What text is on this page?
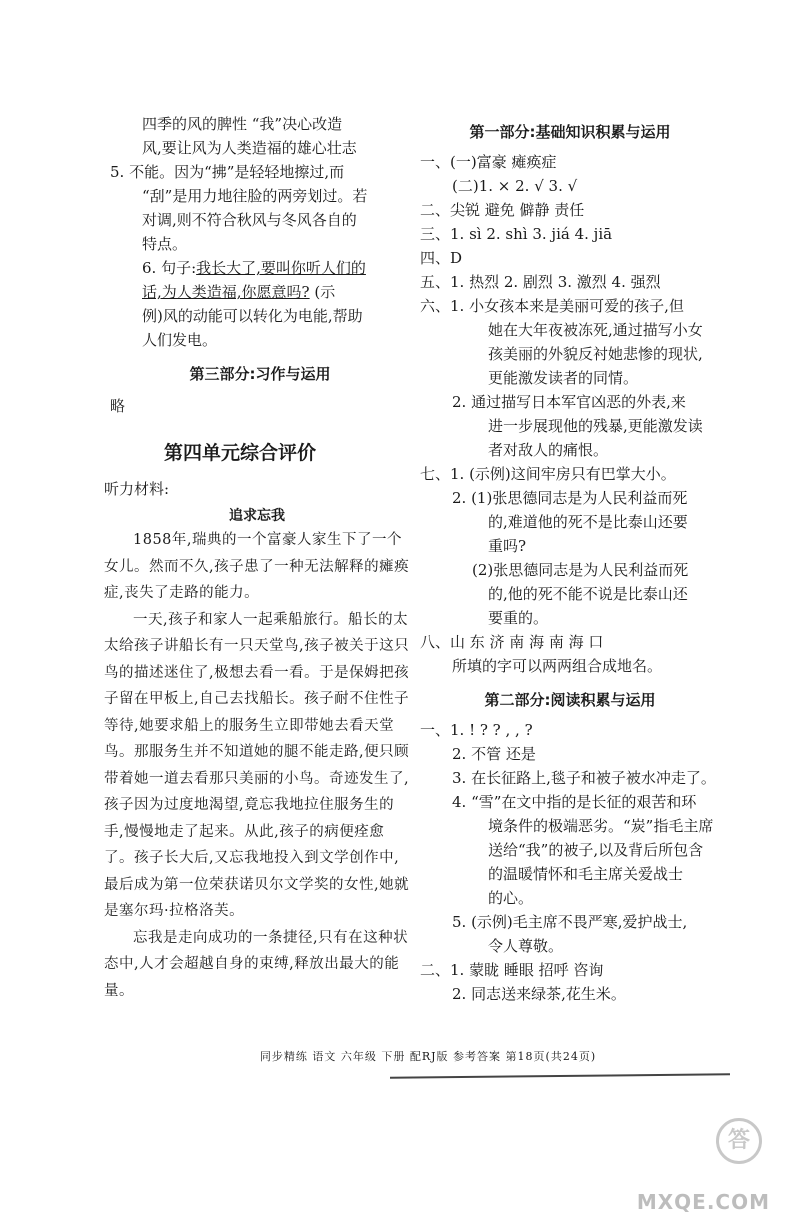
四季的风的脾性 “我”决心改造
风,要让风为人类造福的雄心壮志
5. 不能。因为“拂”是轻轻地擦过,而
“刮”是用力地往脸的两旁划过。若
对调,则不符合秋风与冬风各自的
特点。
6. 句子:我长大了,要叫你听人们的
话,为人类造福,你愿意吗? (示
例)风的动能可以转化为电能,帮助
人们发电。
第三部分:习作与运用
略
第四单元综合评价
听力材料:
追求忘我

1858年,瑞典的一个富豪人家生下了一个女儿。然而不久,孩子患了一种无法解释的瘫痪症,丧失了走路的能力。

一天,孩子和家人一起乘船旅行。船长的太太给孩子讲船长有一只天堂鸟,孩子被关于这只鸟的描述迷住了,极想去看一看。于是保姆把孩子留在甲板上,自己去找船长。孩子耐不住性子等待,她要求船上的服务生立即带她去看天堂鸟。那服务生并不知道她的腿不能走路,便只顾带着她一道去看那只美丽的小鸟。奇迹发生了,孩子因为过度地渴望,竟忘我地拉住服务生的手,慢慢地走了起来。从此,孩子的病便痊愈了。孩子长大后,又忘我地投入到文学创作中,最后成为第一位荣获诺贝尔文学奖的女性,她就是塞尔玛·拉格洛芙。

忘我是走向成功的一条捷径,只有在这种状态中,人才会超越自身的束缚,释放出最大的能量。

第一部分:基础知识积累与运用
一、(一)富豪 瘫痪症
(二)1. × 2. √ 3. √
二、尖锐 避免 僻静 责任
三、1. sì 2. shì 3. jiá 4. jiā
四、D
五、1. 热烈 2. 剧烈 3. 激烈 4. 强烈
六、1. 小女孩本来是美丽可爱的孩子,但
她在大年夜被冻死,通过描写小女
孩美丽的外貌反衬她悲惨的现状,
更能激发读者的同情。
2. 通过描写日本军官凶恶的外表,来
进一步展现他的残暴,更能激发读
者对敌人的痛恨。
七、1. (示例)这间牢房只有巴掌大小。
2. (1)张思德同志是为人民利益而死
的,难道他的死不是比泰山还要
重吗?
(2)张思德同志是为人民利益而死
的,他的死不能不说是比泰山还
要重的。
八、山 东 济 南 海 南 海 口
所填的字可以两两组合成地名。
第二部分:阅读积累与运用
一、1. ! ? ? , , ?
2. 不管 还是
3. 在长征路上,毯子和被子被水冲走了。
4. “雪”在文中指的是长征的艰苦和环
境条件的极端恶劣。“炭”指毛主席
送给“我”的被子,以及背后所包含
的温暖情怀和毛主席关爱战士
的心。
5. (示例)毛主席不畏严寒,爱护战士,
令人尊敬。
二、1. 蒙眬 睡眼 招呼 咨询
2. 同志送来绿茶,花生米。
同步精练 语文 六年级 下册 配RJ版 参考答案 第18页(共24页)
答
MXQE.COM
